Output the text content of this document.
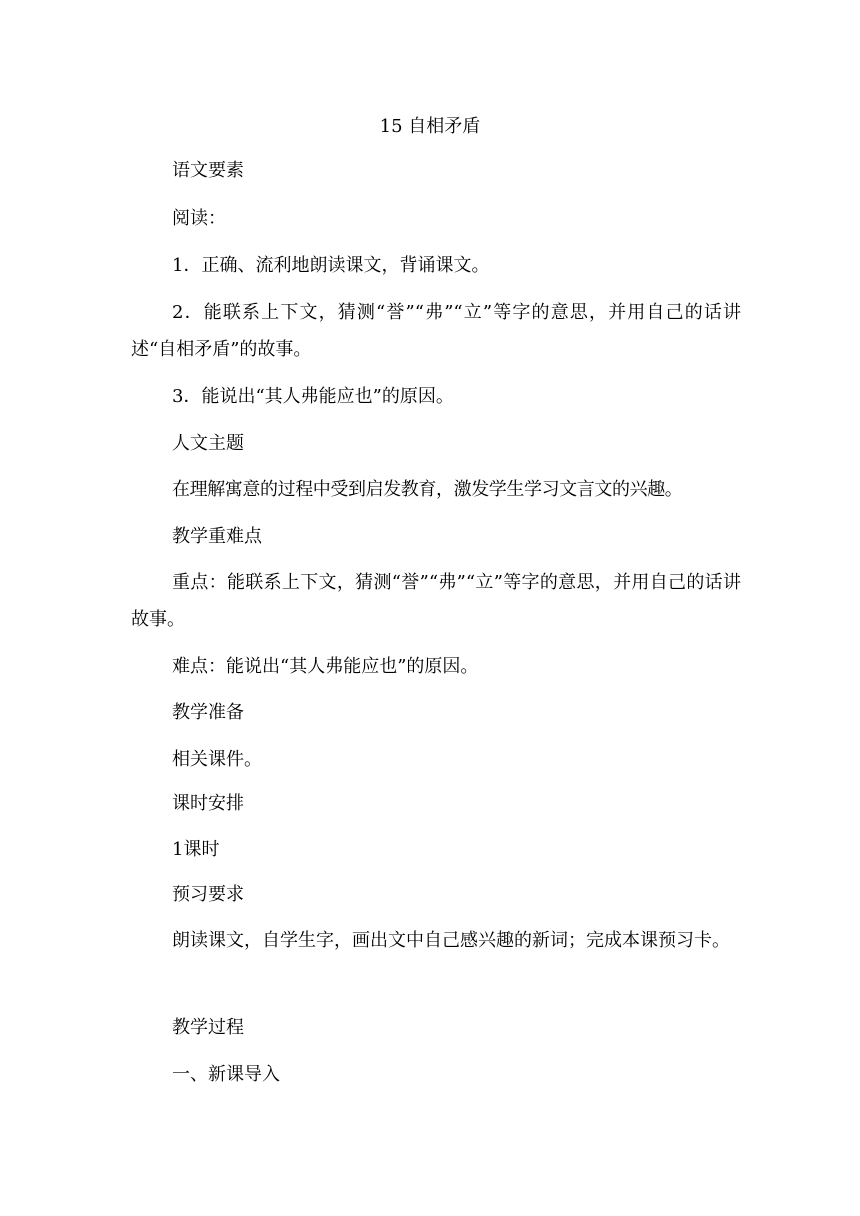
15 自相矛盾

语文要素

阅读：

1．正确、流利地朗读课文，背诵课文。

2．能联系上下文，猜测“誉”“弗”“立”等字的意思，并用自己的话讲述“自相矛盾”的故事。

3．能说出“其人弗能应也”的原因。

人文主题

在理解寓意的过程中受到启发教育，激发学生学习文言文的兴趣。

教学重难点

重点：能联系上下文，猜测“誉”“弗”“立”等字的意思，并用自己的话讲故事。

难点：能说出“其人弗能应也”的原因。

教学准备

相关课件。

课时安排

1课时

预习要求

朗读课文，自学生字，画出文中自己感兴趣的新词；完成本课预习卡。

教学过程

一、新课导入
